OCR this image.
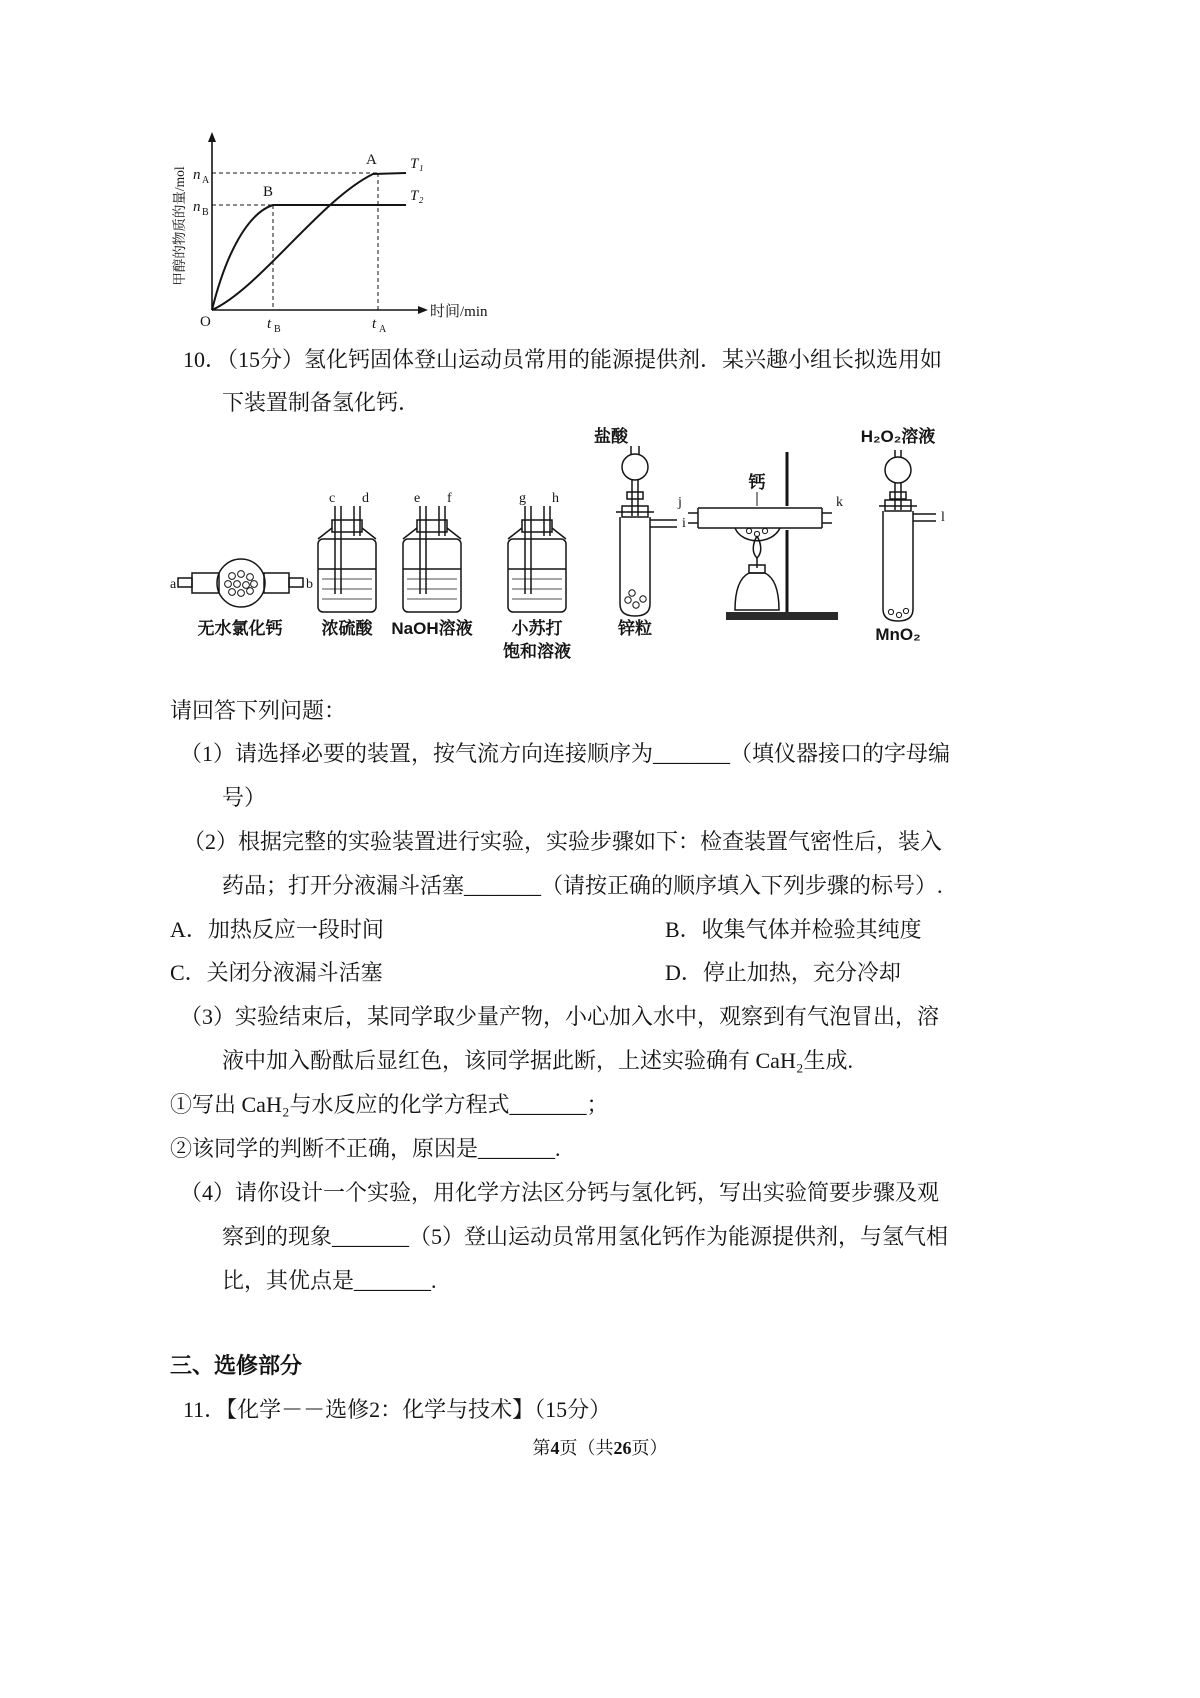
甲醇的物质的量/mol
时间/min
O
n A
n B
t B	t A
A
B
T₁
T₂
10．（15分）氢化钙固体登山运动员常用的能源提供剂．某兴趣小组长拟选用如
下装置制备氢化钙．
a	b
无水氯化钙
c d
浓硫酸
e f
NaOH溶液
g h
小苏打
饱和溶液
盐酸
i
锌粒
j	k
钙
H₂O₂溶液
l
MnO₂
请回答下列问题：
（1）请选择必要的装置，按气流方向连接顺序为_______（填仪器接口的字母编
号）
（2）根据完整的实验装置进行实验，实验步骤如下：检查装置气密性后，装入
药品；打开分液漏斗活塞_______（请按正确的顺序填入下列步骤的标号）.
A．加热反应一段时间	B．收集气体并检验其纯度
C．关闭分液漏斗活塞	D．停止加热，充分冷却
（3）实验结束后，某同学取少量产物，小心加入水中，观察到有气泡冒出，溶
液中加入酚酞后显红色，该同学据此断，上述实验确有 CaH₂生成.
①写出 CaH₂与水反应的化学方程式_______；
②该同学的判断不正确，原因是_______.
（4）请你设计一个实验，用化学方法区分钙与氢化钙，写出实验简要步骤及观
察到的现象_______（5）登山运动员常用氢化钙作为能源提供剂，与氢气相
比，其优点是_______.
三、选修部分
11．【化学－－选修2：化学与技术】（15分）
第4页（共26页）
